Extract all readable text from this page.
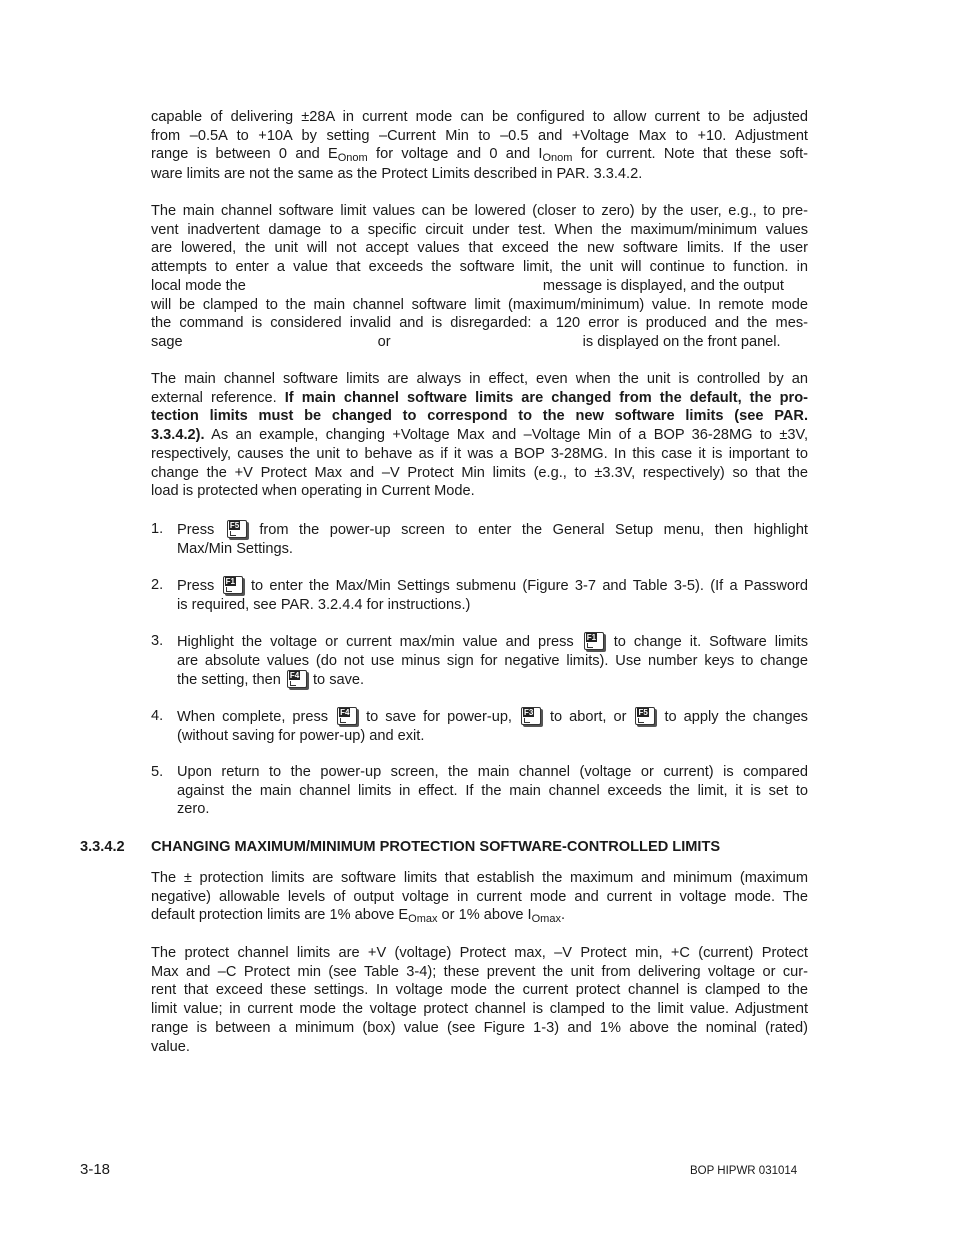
capable of delivering ±28A in current mode can be configured to allow current to be adjusted
from –0.5A to +10A by setting –Current Min to –0.5 and +Voltage Max to +10. Adjustment
range is between 0 and $E_{Onom}$ for voltage and 0 and $I_{Onom}$ for current. Note that these soft-
ware limits are not the same as the Protect Limits described in PAR. 3.3.4.2.
The main channel software limit values can be lowered (closer to zero) by the user, e.g., to pre-
vent inadvertent damage to a specific circuit under test. When the maximum/minimum values
are lowered, the unit will not accept values that exceed the new software limits. If the user
attempts to enter a value that exceeds the software limit, the unit will continue to function. in
local mode the	message is displayed, and the output
will be clamped to the main channel software limit (maximum/minimum) value. In remote mode
the command is considered invalid and is disregarded: a 120 error is produced and the mes-
sage	or	is displayed on the front panel.
The main channel software limits are always in effect, even when the unit is controlled by an
external reference. If main channel software limits are changed from the default, the pro-
tection limits must be changed to correspond to the new software limits (see PAR.
3.3.4.2). As an example, changing +Voltage Max and –Voltage Min of a BOP 36-28MG to ±3V,
respectively, causes the unit to behave as if it was a BOP 3-28MG. In this case it is important to
change the +V Protect Max and –V Protect Min limits (e.g., to ±3.3V, respectively) so that the
load is protected when operating in Current Mode.
1. Press F5 from the power-up screen to enter the General Setup menu, then highlight
Max/Min Settings.
2. Press F1 to enter the Max/Min Settings submenu (Figure 3-7 and Table 3-5). (If a Password
is required, see PAR. 3.2.4.4 for instructions.)
3. Highlight the voltage or current max/min value and press F1 to change it. Software limits
are absolute values (do not use minus sign for negative limits). Use number keys to change
the setting, then F4 to save.
4. When complete, press F4 to save for power-up, F3 to abort, or F5 to apply the changes
(without saving for power-up) and exit.
5. Upon return to the power-up screen, the main channel (voltage or current) is compared
against the main channel limits in effect. If the main channel exceeds the limit, it is set to
zero.
3.3.4.2 CHANGING MAXIMUM/MINIMUM PROTECTION SOFTWARE-CONTROLLED LIMITS
The ± protection limits are software limits that establish the maximum and minimum (maximum
negative) allowable levels of output voltage in current mode and current in voltage mode. The
default protection limits are 1% above $E_{Omax}$ or 1% above $I_{Omax}$.
The protect channel limits are +V (voltage) Protect max, –V Protect min, +C (current) Protect
Max and –C Protect min (see Table 3-4); these prevent the unit from delivering voltage or cur-
rent that exceed these settings. In voltage mode the current protect channel is clamped to the
limit value; in current mode the voltage protect channel is clamped to the limit value. Adjustment
range is between a minimum (box) value (see Figure 1-3) and 1% above the nominal (rated)
value.
3-18	BOP HIPWR 031014
